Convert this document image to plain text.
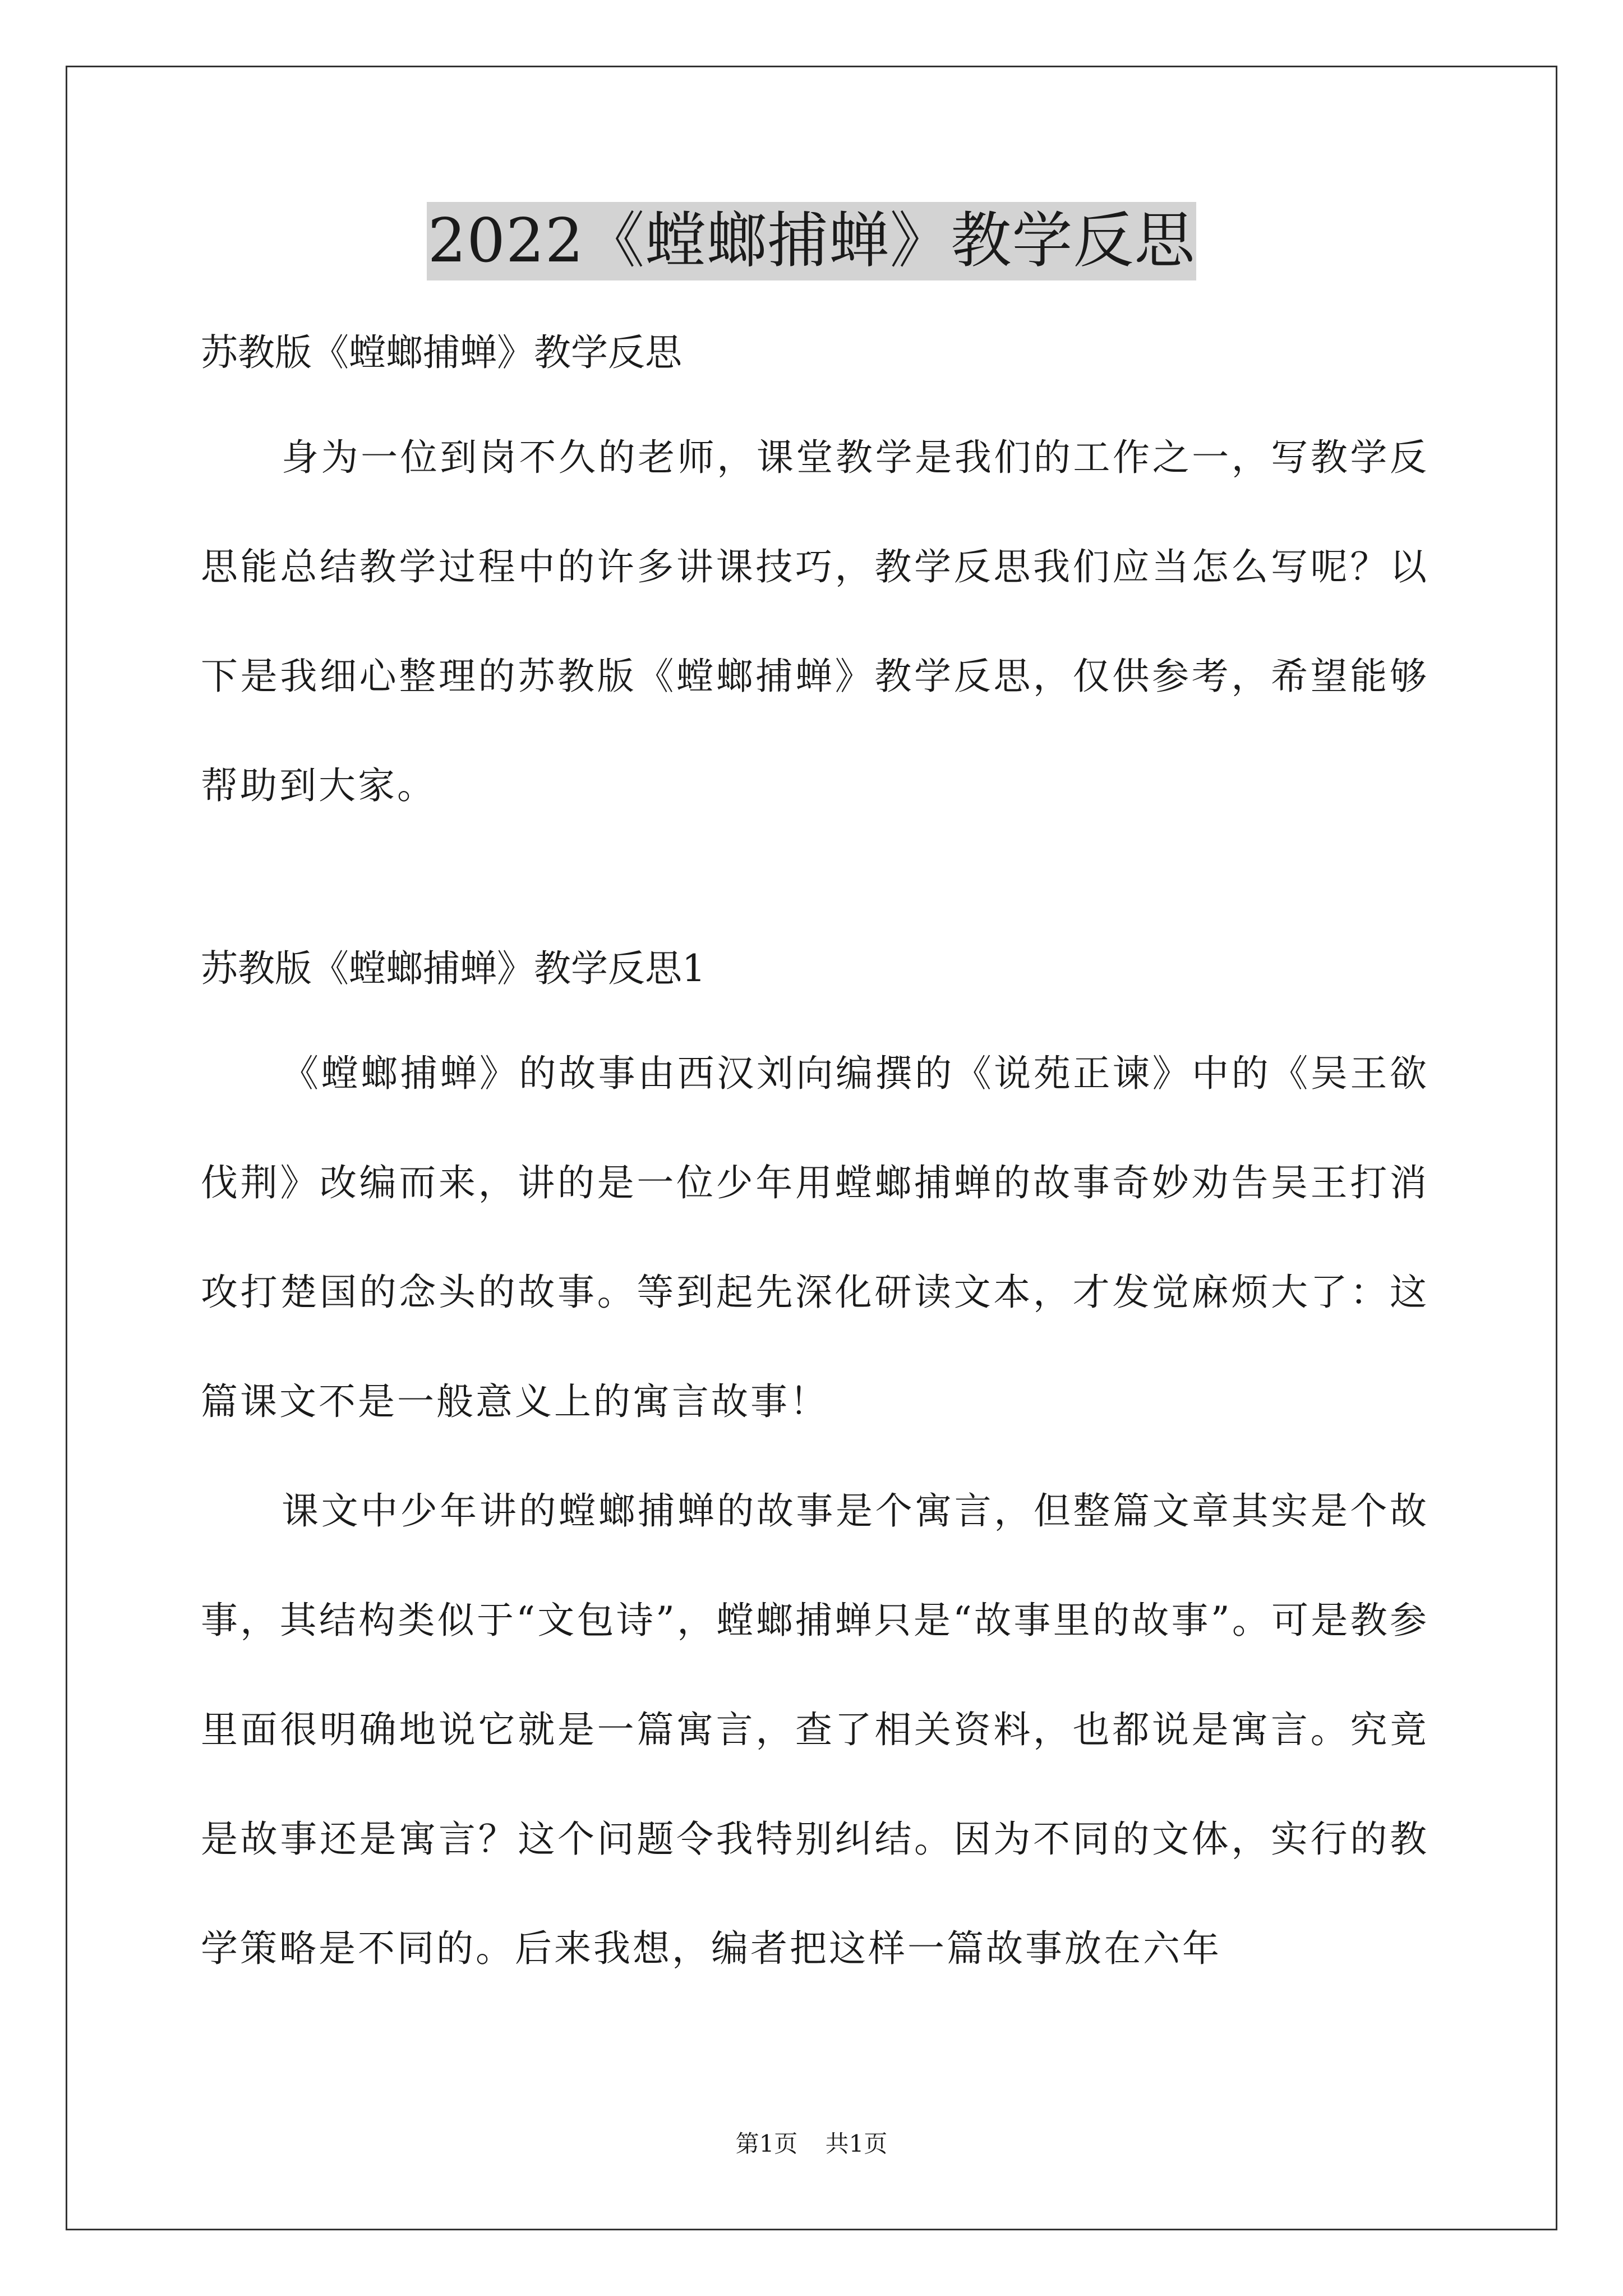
2022《螳螂捕蝉》教学反思

苏教版《螳螂捕蝉》教学反思

身为一位到岗不久的老师，课堂教学是我们的工作之一，写教学反思能总结教学过程中的许多讲课技巧，教学反思我们应当怎么写呢？以下是我细心整理的苏教版《螳螂捕蝉》教学反思，仅供参考，希望能够帮助到大家。

苏教版《螳螂捕蝉》教学反思1

《螳螂捕蝉》的故事由西汉刘向编撰的《说苑正谏》中的《吴王欲伐荆》改编而来，讲的是一位少年用螳螂捕蝉的故事奇妙劝告吴王打消攻打楚国的念头的故事。等到起先深化研读文本，才发觉麻烦大了：这篇课文不是一般意义上的寓言故事！

课文中少年讲的螳螂捕蝉的故事是个寓言，但整篇文章其实是个故事，其结构类似于“文包诗”，螳螂捕蝉只是“故事里的故事”。可是教参里面很明确地说它就是一篇寓言，查了相关资料，也都说是寓言。究竟是故事还是寓言？这个问题令我特别纠结。因为不同的文体，实行的教学策略是不同的。后来我想，编者把这样一篇故事放在六年

第1页 共1页
